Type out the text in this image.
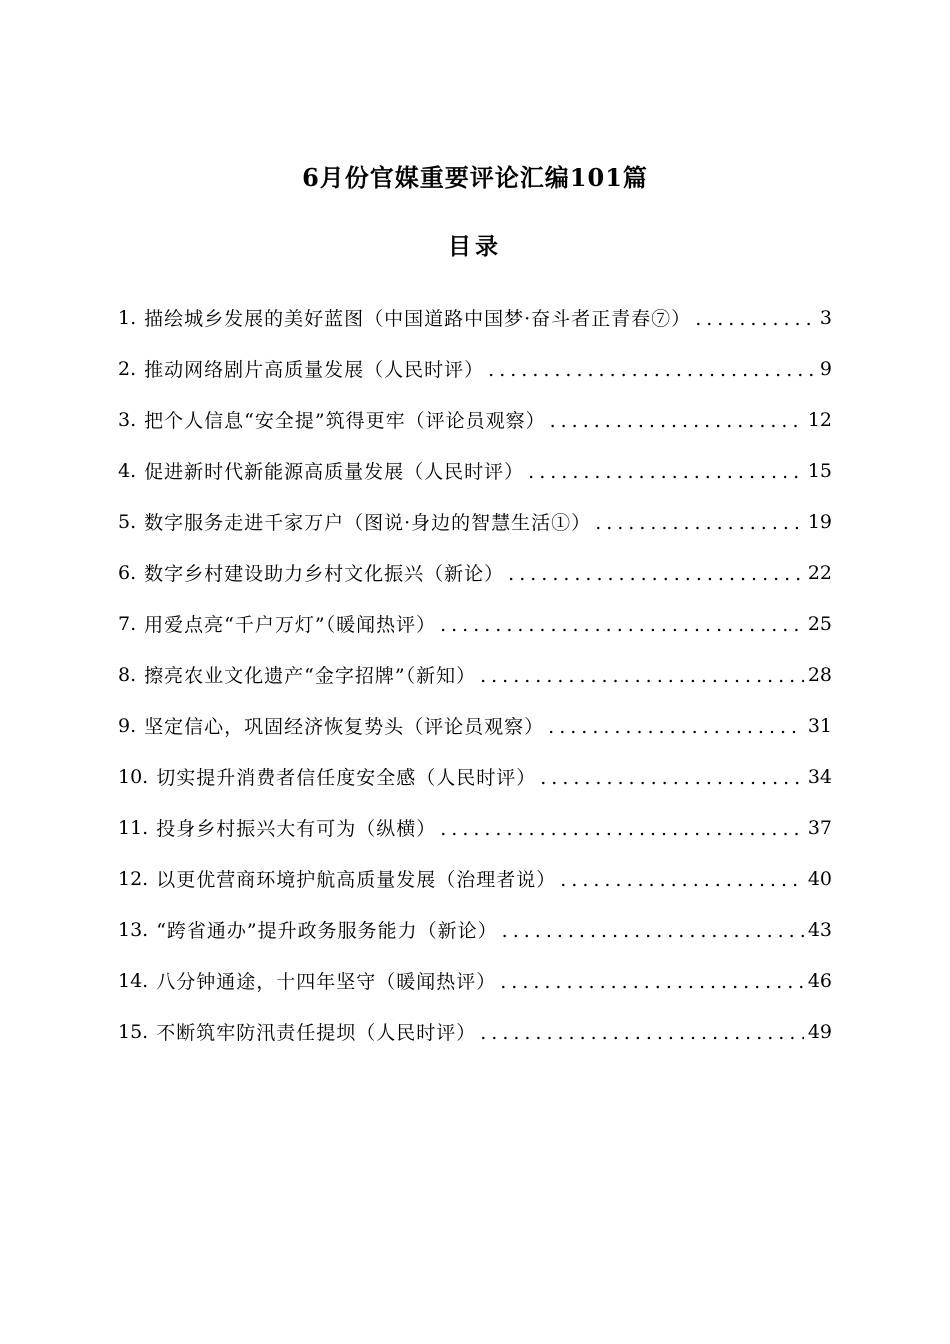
6月份官媒重要评论汇编101篇
目录
1. 描绘城乡发展的美好蓝图（中国道路中国梦·奋斗者正青春⑦） .....	3
2. 推动网络剧片高质量发展（人民时评） .....	9
3. 把个人信息“安全提”筑得更牢（评论员观察） .....	12
4. 促进新时代新能源高质量发展（人民时评） .....	15
5. 数字服务走进千家万户（图说·身边的智慧生活①） .....	19
6. 数字乡村建设助力乡村文化振兴（新论） .....	22
7. 用爱点亮“千户万灯”（暖闻热评） .....	25
8. 擦亮农业文化遗产“金字招牌”（新知） .....	28
9. 坚定信心，巩固经济恢复势头（评论员观察） .....	31
10. 切实提升消费者信任度安全感（人民时评） .....	34
11. 投身乡村振兴大有可为（纵横） .....	37
12. 以更优营商环境护航高质量发展（治理者说） .....	40
13. “跨省通办”提升政务服务能力（新论） .....	43
14. 八分钟通途，十四年坚守（暖闻热评） .....	46
15. 不断筑牢防汛责任提坝（人民时评） .....	49
